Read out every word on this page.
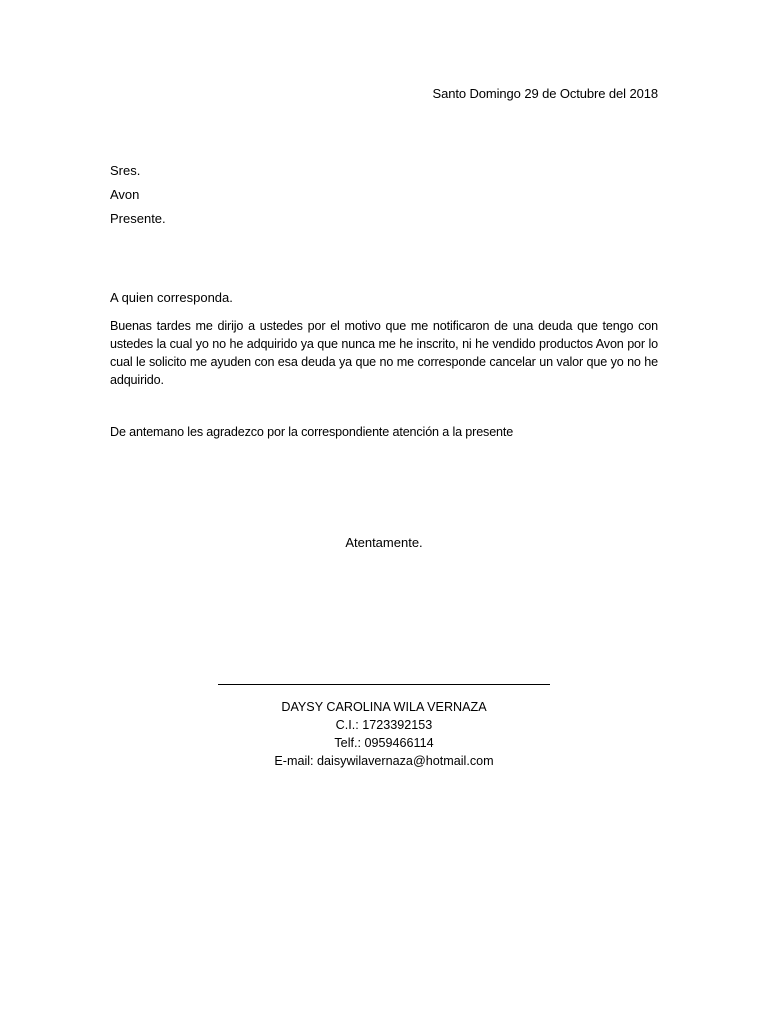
Santo Domingo 29 de Octubre del 2018
Sres.
Avon
Presente.
A quien corresponda.
Buenas tardes me dirijo a ustedes por el motivo que me notificaron de una deuda que tengo con ustedes la cual yo no he adquirido ya que nunca me he inscrito, ni he vendido productos Avon por lo cual le solicito me ayuden con esa deuda ya que no me corresponde cancelar un valor que yo no he adquirido.
De antemano les agradezco por la correspondiente atención a la presente
Atentamente.
DAYSY CAROLINA WILA VERNAZA
C.I.: 1723392153
Telf.: 0959466114
E-mail: daisywilavernaza@hotmail.com
